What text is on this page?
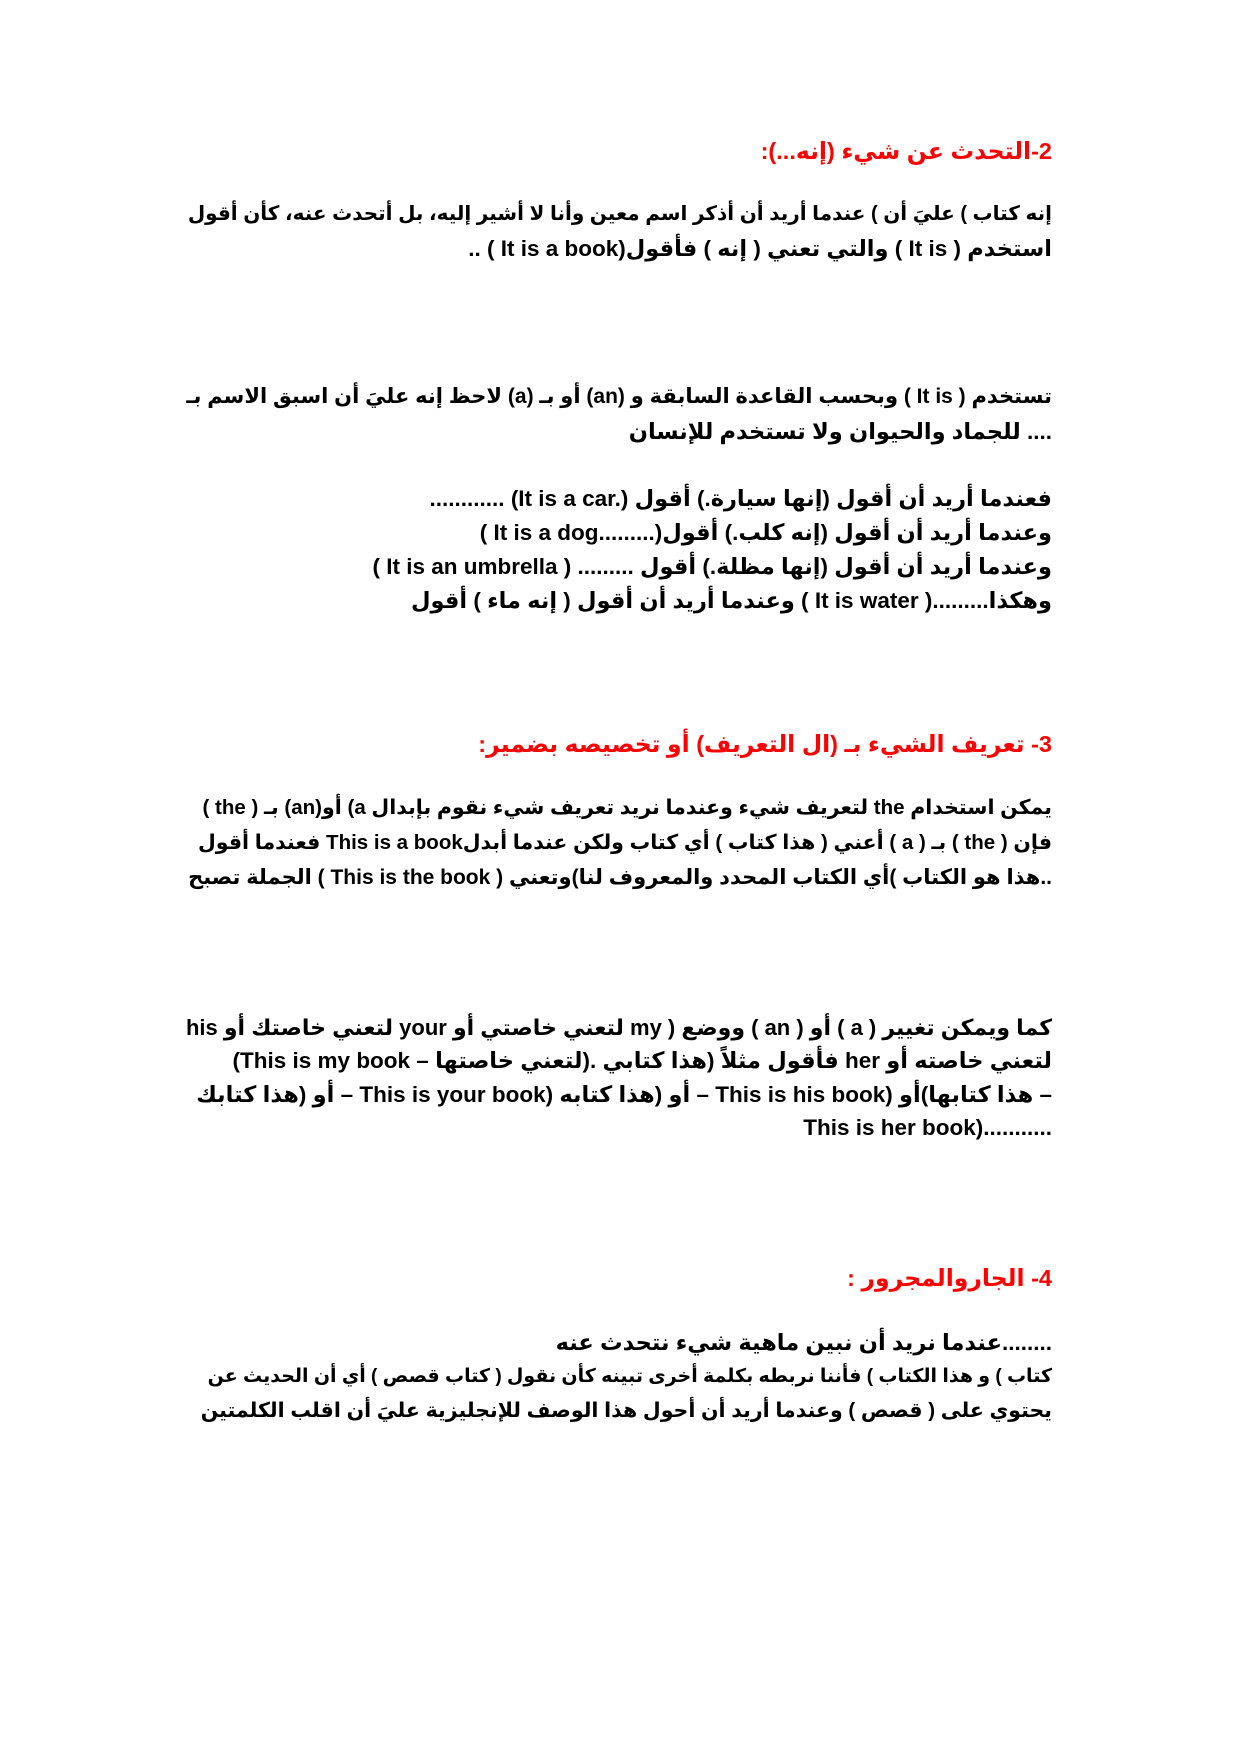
2-التحدث عن شيء (إنه...):
إنه كتاب ) عليَ أن ) عندما أريد أن أذكر اسم معين وأنا لا أشير إليه، بل أتحدث عنه، كأن أقول
.. ( It is a book)والتي تعني ( إنه ) فأقول ( It is ) استخدم
تستخدم ( It is ) وبحسب القاعدة السابقة و (an) أو بـ (a) لاحظ إنه عليَ أن اسبق الاسم بـ
.... للجماد والحيوان ولا تستخدم للإنسان
............ (It is a car.) فعندما أريد أن أقول (إنها سيارة.) أقول
( It is a dog.........)وعندما أريد أن أقول (إنه كلب.) أقول
( It is an umbrella ) ......... وعندما أريد أن أقول (إنها مظلة.) أقول
وهكذا.........( It is water ) وعندما أريد أن أقول ( إنه ماء ) أقول
3- تعريف الشيء بـ (ال التعريف) أو تخصيصه بضمير:
( the ) بـ (an)أو (a لتعريف شيء وعندما نريد تعريف شيء نقوم بإبدال the يمكن استخدام
فإن ( the ) بـ ( a ) أعني ( هذا كتاب ) أي كتاب ولكن عندما أبدلThis is a book فعندما أقول
..هذا هو الكتاب )أي الكتاب المحدد والمعروف لنا)وتعني ( This is the book ) الجملة تصبح
his لتعني خاصتك أو your لتعني خاصتي أو my ) ووضع ( an ) أو ( a ) كما ويمكن تغيير
(This is my book – لتعني خاصتها). فأقول مثلاً (هذا كتابي her لتعني خاصته أو
– هذا كتابها)أو (This is his book – أو (هذا كتابه (This is your book – أو (هذا كتابك
This is her book)...........
4- الجاروالمجرور :
........عندما نريد أن نبين ماهية شيء نتحدث عنه
كتاب ) و هذا الكتاب ) فأننا نربطه بكلمة أخرى تبينه كأن نقول ( كتاب قصص ) أي أن الحديث عن
يحتوي على ( قصص ) وعندما أريد أن أحول هذا الوصف للإنجليزية عليَ أن اقلب الكلمتين
